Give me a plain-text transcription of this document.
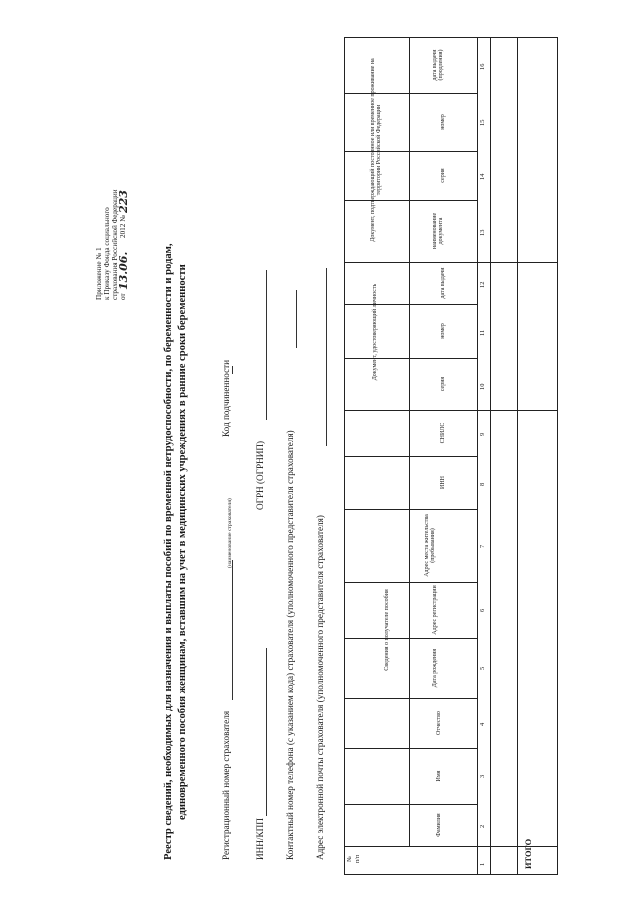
Приложение № 1 к Приказу Фонда социального страхования Российской Федерации от
13.06.
2012 №
223
Реестр сведений, необходимых для назначения и выплаты пособий по временной нетрудоспособности, по беременности и родам, единовременного пособия женщинам, вставшим на учет в медицинских учреждениях в ранние сроки беременности	Регистрационный номер страхователя
(наименование страхователя)
Код подчиненности
ИНН/КПП
ОГРН (ОГРНИП) Контактный номер телефона (с указанием кода) страхователя (уполномоченного представителя страхователя) Адрес электронной почты страхователя (уполномоченного представителя страхователя)
Документ, подтверждающий постоянное или временное проживание на территории Российской Федерации
Документ, удостоверяющий личность
Сведения о получателе пособия
№ п/п
Фамилия
Имя
Отчество
Дата рождения
Адрес регистрации
Адрес места жительства (пребывания)
ИНН
СНИЛС
серия
номер
дата выдачи
наименование документа
серия
номер
дата выдачи (продления)
1
2
3
4
5
6
7
8
9
10
11
12
13
14
15
16
ИТОГО
